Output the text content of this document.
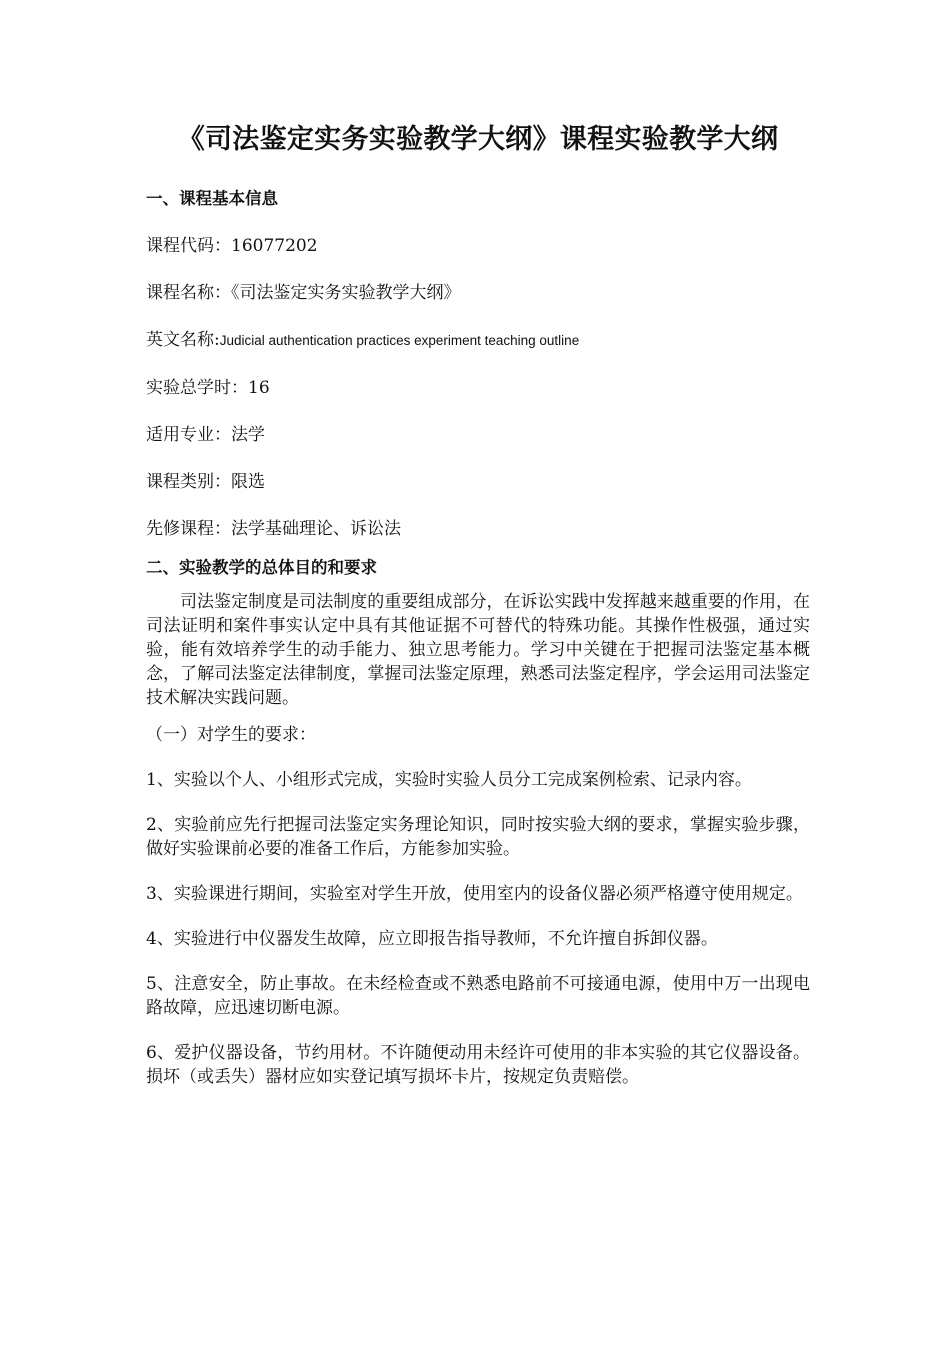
《司法鉴定实务实验教学大纲》课程实验教学大纲
一、课程基本信息
课程代码：16077202
课程名称：《司法鉴定实务实验教学大纲》
英文名称:Judicial authentication practices experiment teaching outline
实验总学时：16
适用专业：法学
课程类别：限选
先修课程：法学基础理论、诉讼法
二、实验教学的总体目的和要求

司法鉴定制度是司法制度的重要组成部分，在诉讼实践中发挥越来越重要的作用，在司法证明和案件事实认定中具有其他证据不可替代的特殊功能。其操作性极强，通过实验，能有效培养学生的动手能力、独立思考能力。学习中关键在于把握司法鉴定基本概念，了解司法鉴定法律制度，掌握司法鉴定原理，熟悉司法鉴定程序，学会运用司法鉴定技术解决实践问题。

（一）对学生的要求：

1、实验以个人、小组形式完成，实验时实验人员分工完成案例检索、记录内容。

2、实验前应先行把握司法鉴定实务理论知识，同时按实验大纲的要求，掌握实验步骤，做好实验课前必要的准备工作后，方能参加实验。

3、实验课进行期间，实验室对学生开放，使用室内的设备仪器必须严格遵守使用规定。

4、实验进行中仪器发生故障，应立即报告指导教师，不允许擅自拆卸仪器。

5、注意安全，防止事故。在未经检查或不熟悉电路前不可接通电源，使用中万一出现电路故障，应迅速切断电源。

6、爱护仪器设备，节约用材。不许随便动用未经许可使用的非本实验的其它仪器设备。损坏（或丢失）器材应如实登记填写损坏卡片，按规定负责赔偿。
